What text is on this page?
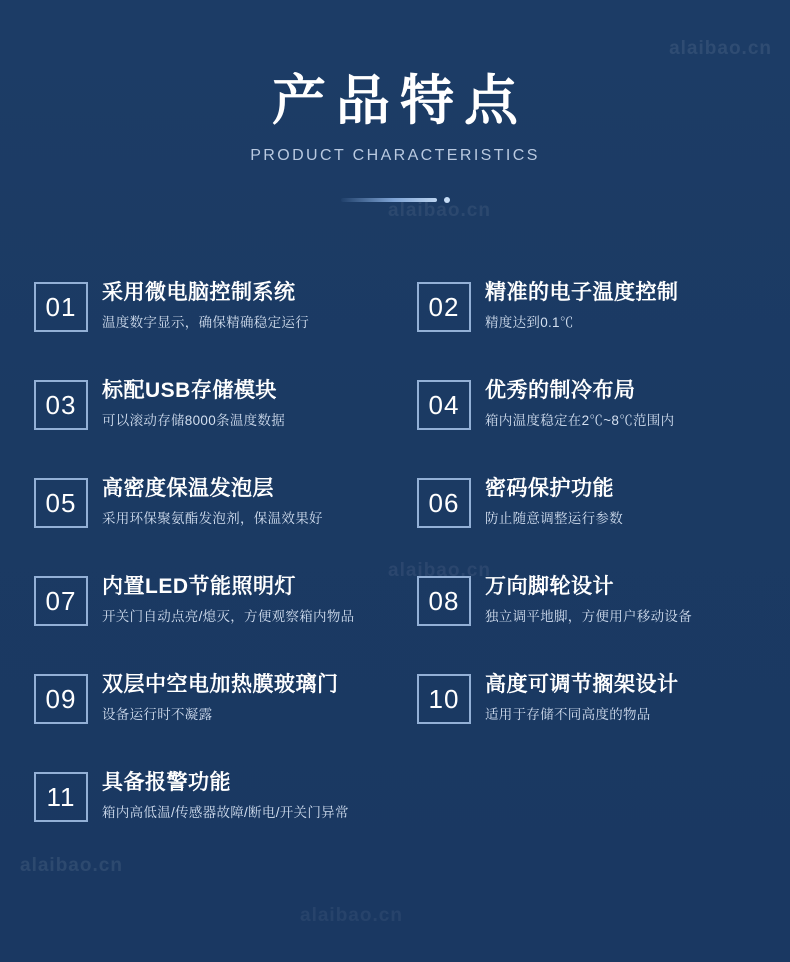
alaibao.cn
alaibao.cn
alaibao.cn
alaibao.cn
alaibao.cn
产品特点
PRODUCT CHARACTERISTICS
01	采用微电脑控制系统
温度数字显示，确保精确稳定运行
02	精准的电子温度控制
精度达到0.1℃
03	标配USB存储模块
可以滚动存储8000条温度数据
04	优秀的制冷布局
箱内温度稳定在2℃~8℃范围内
05	高密度保温发泡层
采用环保聚氨酯发泡剂，保温效果好
06	密码保护功能
防止随意调整运行参数
07	内置LED节能照明灯
开关门自动点亮/熄灭，方便观察箱内物品
08	万向脚轮设计
独立调平地脚，方便用户移动设备
09	双层中空电加热膜玻璃门
设备运行时不凝露
10	高度可调节搁架设计
适用于存储不同高度的物品
11	具备报警功能
箱内高低温/传感器故障/断电/开关门异常
